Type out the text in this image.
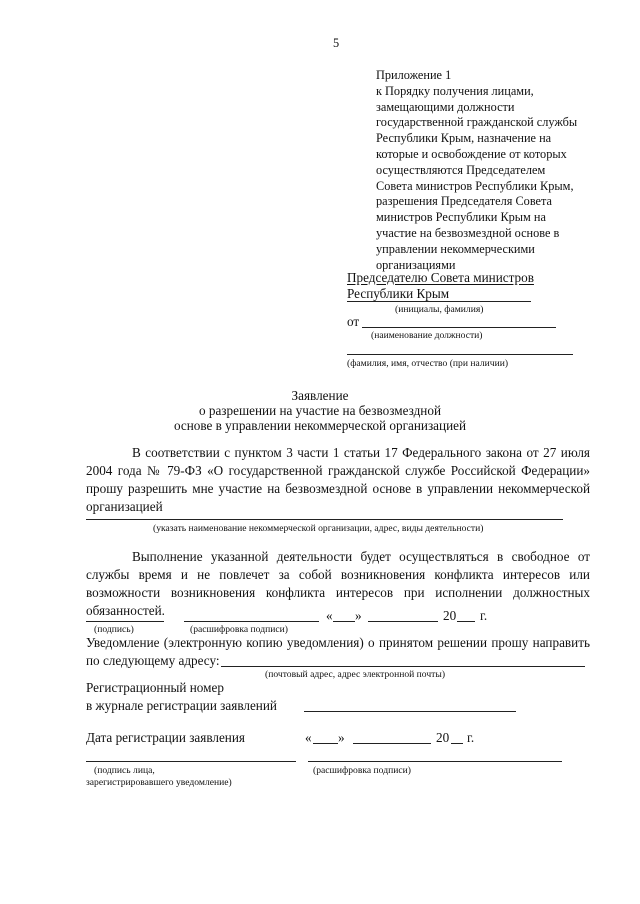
5
Приложение 1
к Порядку получения лицами,
замещающими должности
государственной гражданской службы
Республики Крым, назначение на
которые и освобождение от которых
осуществляются Председателем
Совета министров Республики Крым,
разрешения Председателя Совета
министров Республики Крым на
участие на безвозмездной основе в
управлении некоммерческими
организациями
Председателю Совета министров
Республики Крым
(инициалы, фамилия)
от
(наименование должности)
(фамилия, имя, отчество (при наличии)
Заявление
о разрешении на участие на безвозмездной
основе в управлении некоммерческой организацией
В соответствии с пунктом 3 части 1 статьи 17 Федерального закона от 27 июля
2004 года № 79-ФЗ «О государственной гражданской службе Российской Федерации»
прошу разрешить мне участие на безвозмездной основе в управлении некоммерческой
организацией
(указать наименование некоммерческой организации, адрес, виды деятельности)
Выполнение указанной деятельности будет осуществляться в свободное от
службы время и не повлечет за собой возникновения конфликта интересов или
возможности возникновения конфликта интересов при исполнении должностных
обязанностей.	« »	20 г.
(подпись)	(расшифровка подписи)
Уведомление (электронную копию уведомления) о принятом решении прошу направить
по следующему адресу:
(почтовый адрес, адрес электронной почты)
Регистрационный номер
в журнале регистрации заявлений
Дата регистрации заявления	« »	20 г.
(подпись лица,	(расшифровка подписи)
зарегистрировавшего уведомление)
